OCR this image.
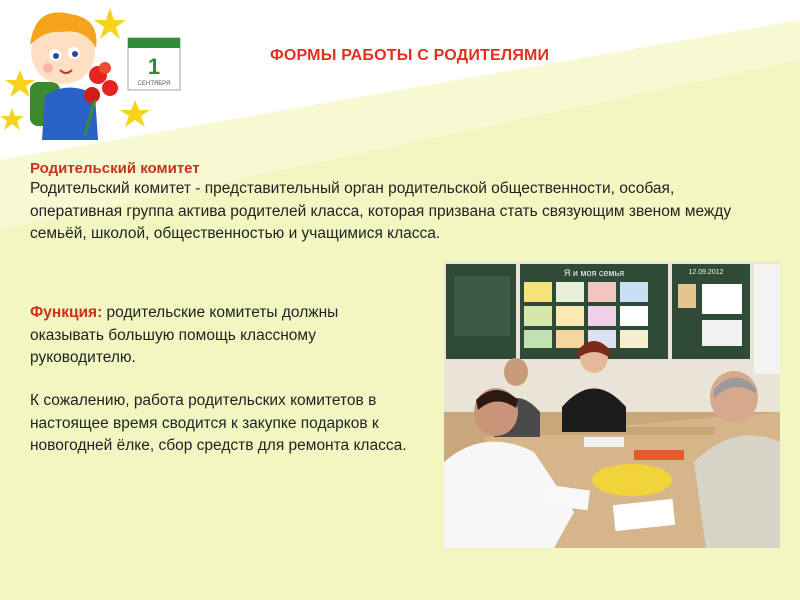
1
СЕНТЯБРЯ
ФОРМЫ РАБОТЫ С РОДИТЕЛЯМИ
Родительский комитет
Родительский комитет - представительный орган родительской общественности, особая, оперативная группа актива родителей класса, которая призвана стать связующим звеном между семьёй, школой, общественностью и учащимися класса.
Функция: родительские комитеты должны оказывать большую помощь классному руководителю.
К сожалению, работа родительских комитетов в настоящее время сводится к закупке подарков к новогодней ёлке, сбор средств для ремонта класса.
Я и моя семья	12.09.2012
